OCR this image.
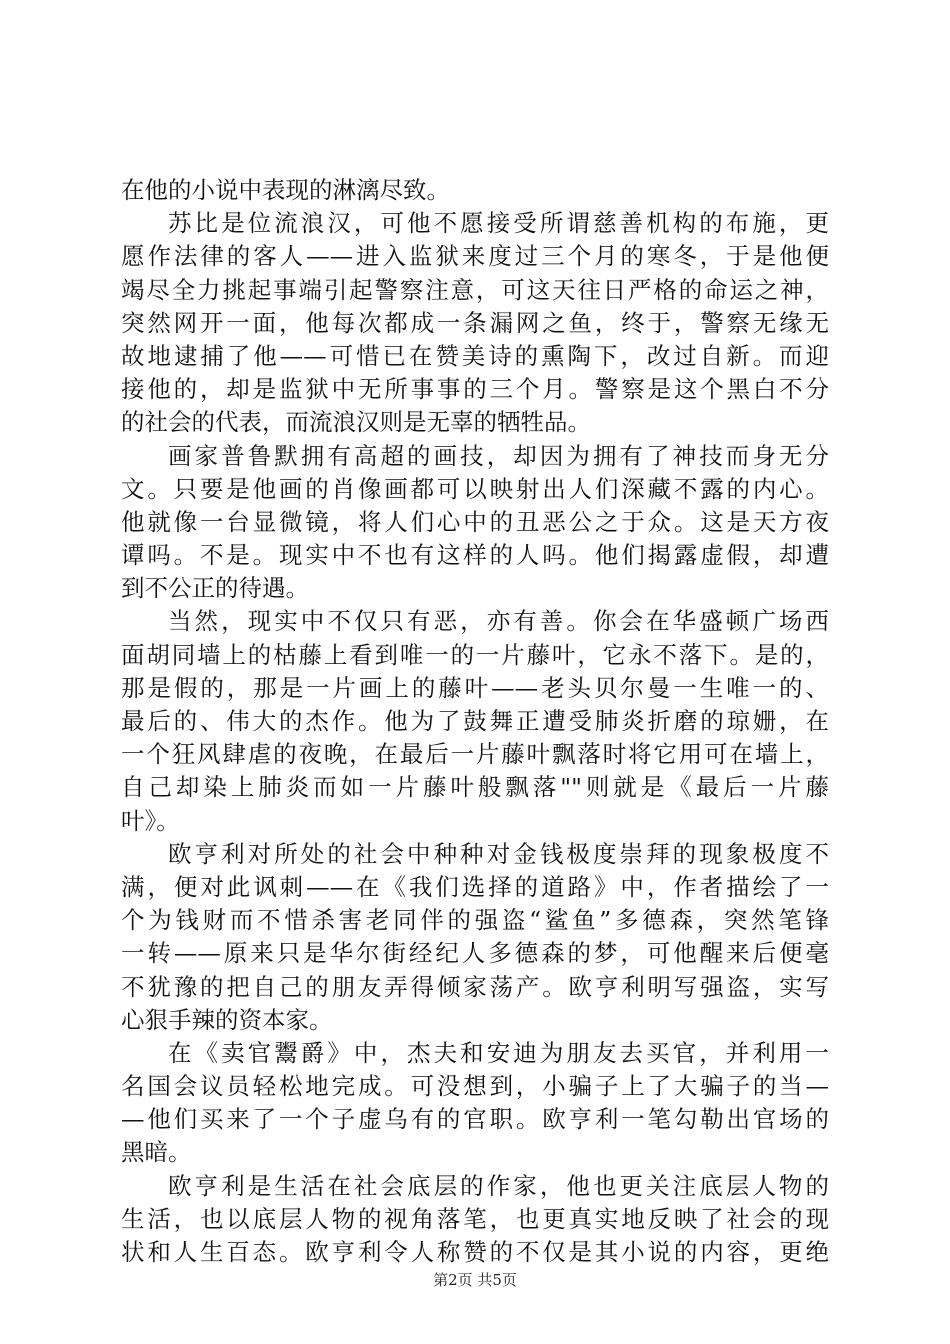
在他的小说中表现的淋漓尽致。
苏比是位流浪汉，可他不愿接受所谓慈善机构的布施，更
愿作法律的客人——进入监狱来度过三个月的寒冬，于是他便
竭尽全力挑起事端引起警察注意，可这天往日严格的命运之神，
突然网开一面，他每次都成一条漏网之鱼，终于，警察无缘无
故地逮捕了他——可惜已在赞美诗的熏陶下，改过自新。而迎
接他的，却是监狱中无所事事的三个月。警察是这个黑白不分
的社会的代表，而流浪汉则是无辜的牺牲品。
画家普鲁默拥有高超的画技，却因为拥有了神技而身无分
文。只要是他画的肖像画都可以映射出人们深藏不露的内心。
他就像一台显微镜，将人们心中的丑恶公之于众。这是天方夜
谭吗。不是。现实中不也有这样的人吗。他们揭露虚假，却遭
到不公正的待遇。
当然，现实中不仅只有恶，亦有善。你会在华盛顿广场西
面胡同墙上的枯藤上看到唯一的一片藤叶，它永不落下。是的，
那是假的，那是一片画上的藤叶——老头贝尔曼一生唯一的、
最后的、伟大的杰作。他为了鼓舞正遭受肺炎折磨的琼姗，在
一个狂风肆虐的夜晚，在最后一片藤叶飘落时将它用可在墙上，
自己却染上肺炎而如一片藤叶般飘落""则就是《最后一片藤
叶》。
欧亨利对所处的社会中种种对金钱极度崇拜的现象极度不
满，便对此讽刺——在《我们选择的道路》中，作者描绘了一
个为钱财而不惜杀害老同伴的强盗“鲨鱼”多德森，突然笔锋
一转——原来只是华尔街经纪人多德森的梦，可他醒来后便毫
不犹豫的把自己的朋友弄得倾家荡产。欧亨利明写强盗，实写
心狠手辣的资本家。
在《卖官鬻爵》中，杰夫和安迪为朋友去买官，并利用一
名国会议员轻松地完成。可没想到，小骗子上了大骗子的当—
—他们买来了一个子虚乌有的官职。欧亨利一笔勾勒出官场的
黑暗。
欧亨利是生活在社会底层的作家，他也更关注底层人物的
生活，也以底层人物的视角落笔，也更真实地反映了社会的现
状和人生百态。欧亨利令人称赞的不仅是其小说的内容，更绝
第2页 共5页
